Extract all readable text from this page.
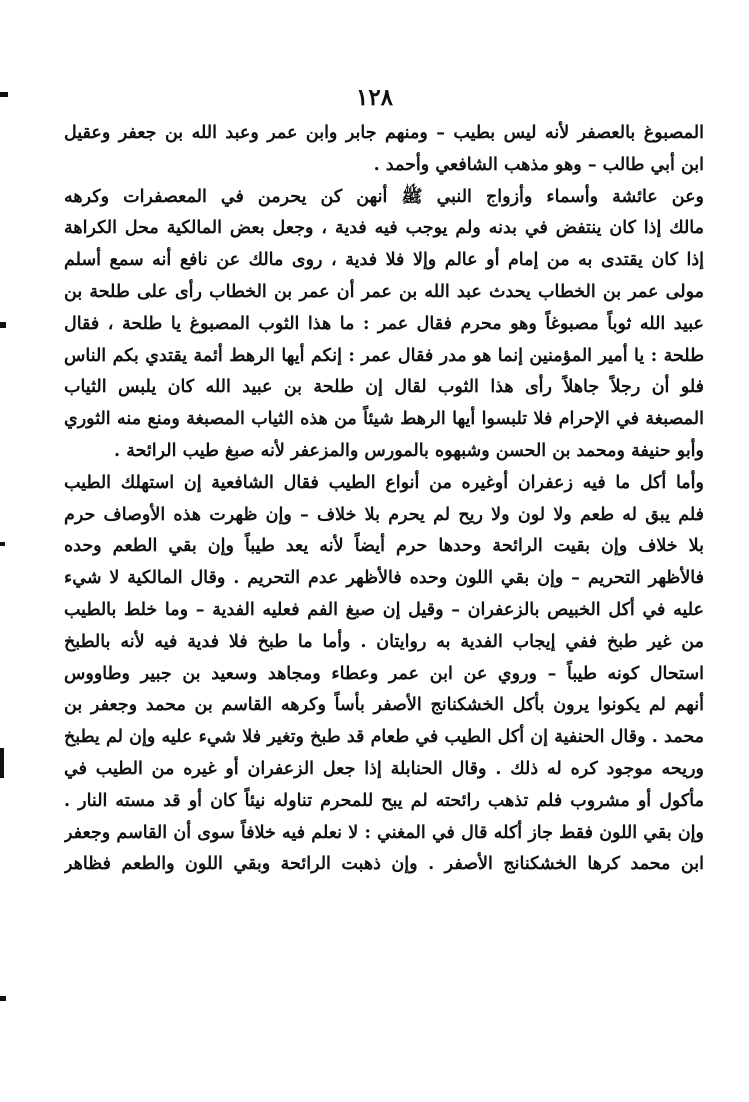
١٢٨
المصبوغ بالعصفر لأنه ليس بطيب – ومنهم جابر وابن عمر وعبد الله بن جعفر وعقيل
ابن أبي طالب – وهو مذهب الشافعي وأحمد .
وعن عائشة وأسماء وأزواج النبي ﷺ أنهن كن يحرمن في المعصفرات وكرهه
مالك إذا كان ينتفض في بدنه ولم يوجب فيه فدية ، وجعل بعض المالكية محل الكراهة
إذا كان يقتدى به من إمام أو عالم وإلا فلا فدية ، روى مالك عن نافع أنه سمع أسلم
مولى عمر بن الخطاب يحدث عبد الله بن عمر أن عمر بن الخطاب رأى على طلحة بن
عبيد الله ثوباً مصبوغاً وهو محرم فقال عمر : ما هذا الثوب المصبوغ يا طلحة ، فقال
طلحة : يا أمير المؤمنين إنما هو مدر فقال عمر : إنكم أيها الرهط أئمة يقتدي بكم الناس
فلو أن رجلاً جاهلاً رأى هذا الثوب لقال إن طلحة بن عبيد الله كان يلبس الثياب
المصبغة في الإحرام فلا تلبسوا أيها الرهط شيئاً من هذه الثياب المصبغة ومنع منه الثوري
وأبو حنيفة ومحمد بن الحسن وشبهوه بالمورس والمزعفر لأنه صبغ طيب الرائحة .
وأما أكل ما فيه زعفران أوغيره من أنواع الطيب فقال الشافعية إن استهلك الطيب
فلم يبق له طعم ولا لون ولا ريح لم يحرم بلا خلاف – وإن ظهرت هذه الأوصاف حرم
بلا خلاف وإن بقيت الرائحة وحدها حرم أيضاً لأنه يعد طيباً وإن بقي الطعم وحده
فالأظهر التحريم – وإن بقي اللون وحده فالأظهر عدم التحريم . وقال المالكية لا شيء
عليه في أكل الخبيص بالزعفران – وقيل إن صبغ الفم فعليه الفدية – وما خلط بالطيب
من غير طبخ ففي إيجاب الفدية به روايتان . وأما ما طبخ فلا فدية فيه لأنه بالطبخ
استحال كونه طيباً – وروي عن ابن عمر وعطاء ومجاهد وسعيد بن جبير وطاووس
أنهم لم يكونوا يرون بأكل الخشكنانج الأصفر بأساً وكرهه القاسم بن محمد وجعفر بن
محمد . وقال الحنفية إن أكل الطيب في طعام قد طبخ وتغير فلا شيء عليه وإن لم يطبخ
وريحه موجود كره له ذلك . وقال الحنابلة إذا جعل الزعفران أو غيره من الطيب في
مأكول أو مشروب فلم تذهب رائحته لم يبح للمحرم تناوله نيئاً كان أو قد مسته النار .
وإن بقي اللون فقط جاز أكله قال في المغني : لا نعلم فيه خلافاً سوى أن القاسم وجعفر
ابن محمد كرها الخشكنانج الأصفر . وإن ذهبت الرائحة وبقي اللون والطعم فظاهر
